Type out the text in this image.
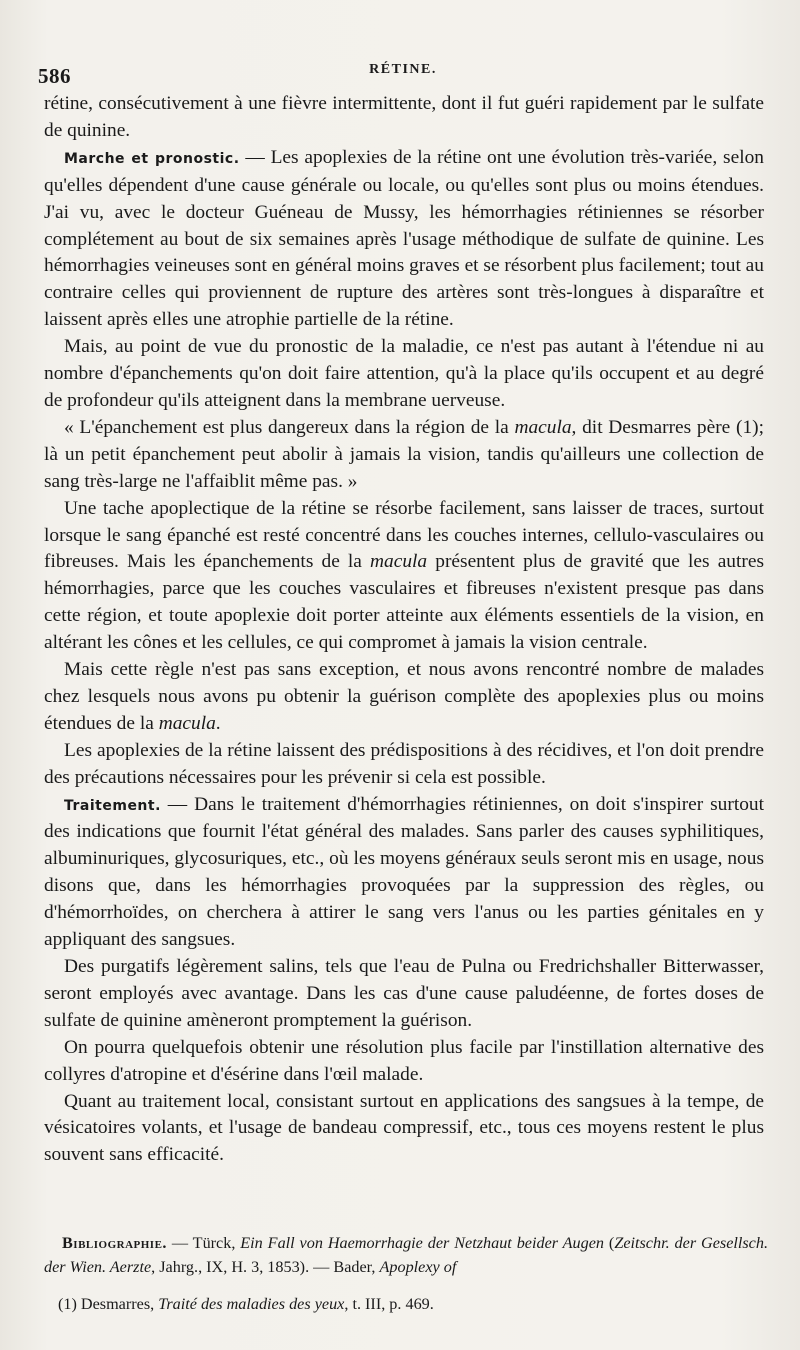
586	RÉTINE.

rétine, consécutivement à une fièvre intermittente, dont il fut guéri rapidement par le sulfate de quinine.

Marche et pronostic. — Les apoplexies de la rétine ont une évolution très-variée, selon qu'elles dépendent d'une cause générale ou locale, ou qu'elles sont plus ou moins étendues. J'ai vu, avec le docteur Guéneau de Mussy, les hémorrhagies rétiniennes se résorber complétement au bout de six semaines après l'usage méthodique de sulfate de quinine. Les hémorrhagies veineuses sont en général moins graves et se résorbent plus facilement; tout au contraire celles qui proviennent de rupture des artères sont très-longues à disparaître et laissent après elles une atrophie partielle de la rétine.

Mais, au point de vue du pronostic de la maladie, ce n'est pas autant à l'étendue ni au nombre d'épanchements qu'on doit faire attention, qu'à la place qu'ils occupent et au degré de profondeur qu'ils atteignent dans la membrane uerveuse.

« L'épanchement est plus dangereux dans la région de la macula, dit Desmarres père (1); là un petit épanchement peut abolir à jamais la vision, tandis qu'ailleurs une collection de sang très-large ne l'affaiblit même pas. »

Une tache apoplectique de la rétine se résorbe facilement, sans laisser de traces, surtout lorsque le sang épanché est resté concentré dans les couches internes, cellulo-vasculaires ou fibreuses. Mais les épanchements de la macula présentent plus de gravité que les autres hémorrhagies, parce que les couches vasculaires et fibreuses n'existent presque pas dans cette région, et toute apoplexie doit porter atteinte aux éléments essentiels de la vision, en altérant les cônes et les cellules, ce qui compromet à jamais la vision centrale.

Mais cette règle n'est pas sans exception, et nous avons rencontré nombre de malades chez lesquels nous avons pu obtenir la guérison complète des apoplexies plus ou moins étendues de la macula.

Les apoplexies de la rétine laissent des prédispositions à des récidives, et l'on doit prendre des précautions nécessaires pour les prévenir si cela est possible.

Traitement. — Dans le traitement d'hémorrhagies rétiniennes, on doit s'inspirer surtout des indications que fournit l'état général des malades. Sans parler des causes syphilitiques, albuminuriques, glycosuriques, etc., où les moyens généraux seuls seront mis en usage, nous disons que, dans les hémorrhagies provoquées par la suppression des règles, ou d'hémorrhoïdes, on cherchera à attirer le sang vers l'anus ou les parties génitales en y appliquant des sangsues.

Des purgatifs légèrement salins, tels que l'eau de Pulna ou Fredrichshaller Bitterwasser, seront employés avec avantage. Dans les cas d'une cause paludéenne, de fortes doses de sulfate de quinine amèneront promptement la guérison.

On pourra quelquefois obtenir une résolution plus facile par l'instillation alternative des collyres d'atropine et d'ésérine dans l'œil malade.

Quant au traitement local, consistant surtout en applications des sangsues à la tempe, de vésicatoires volants, et l'usage de bandeau compressif, etc., tous ces moyens restent le plus souvent sans efficacité.

Bibliographie. — Türck, Ein Fall von Haemorrhagie der Netzhaut beider Augen (Zeitschr. der Gesellsch. der Wien. Aerzte, Jahrg., IX, H. 3, 1853). — Bader, Apoplexy of
(1) Desmarres, Traité des maladies des yeux, t. III, p. 469.
